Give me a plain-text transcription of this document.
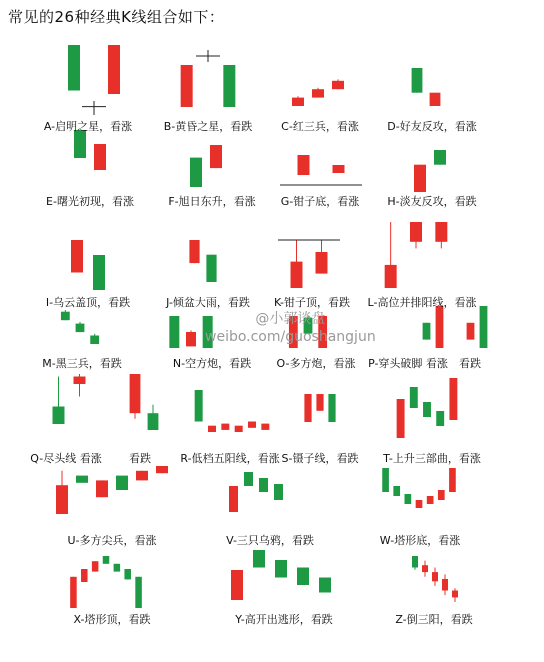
常见的26种经典K线组合如下：
A-启明之星，看涨	B-黄昏之星，看跌	C-红三兵，看涨	D-好友反攻，看涨
E-曙光初现，看涨	F-旭日东升，看涨 G-钳子底，看涨	H-淡友反攻，看跌
I-乌云盖顶，看跌	J-倾盆大雨，看跌 K-钳子顶，看跌 L-高位并排阳线，看涨
M-黑三兵，看跌	N-空方炮，看跌 O-多方炮，看涨 P-穿头破脚 看涨 看跌
Q-尽头线 看涨 看跌	R-低档五阳线，看涨 S-镊子线，看跌 T-上升三部曲，看涨
U-多方尖兵，看涨	V-三只乌鸦，看跌	W-塔形底，看涨
X-塔形顶，看跌	Y-高开出逃形，看跌	Z-倒三阳，看跌
@小郭谈盘
weibo.com/guoshangjun
